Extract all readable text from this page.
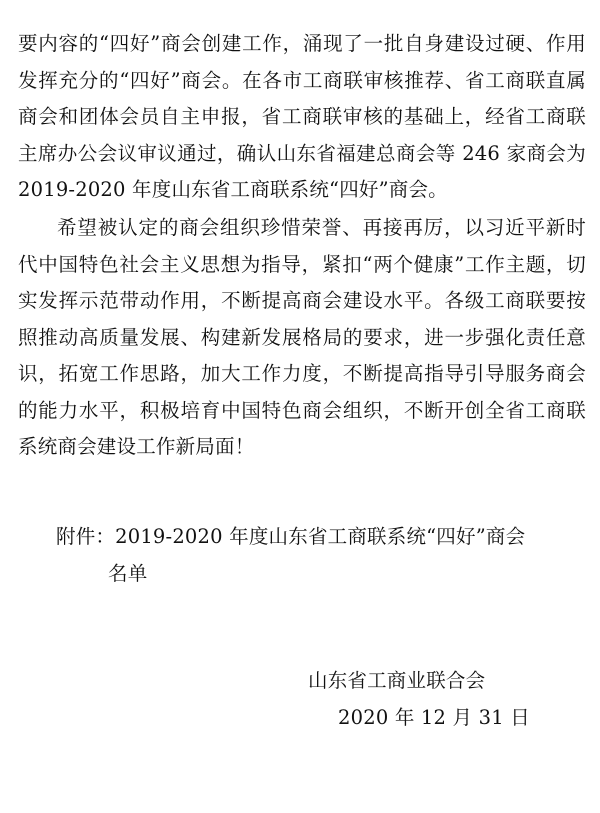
要内容的“四好”商会创建工作，涌现了一批自身建设过硬、作用发挥充分的“四好”商会。在各市工商联审核推荐、省工商联直属商会和团体会员自主申报，省工商联审核的基础上，经省工商联主席办公会议审议通过，确认山东省福建总商会等 246 家商会为 2019-2020 年度山东省工商联系统“四好”商会。

希望被认定的商会组织珍惜荣誉、再接再厉，以习近平新时代中国特色社会主义思想为指导，紧扣“两个健康”工作主题，切实发挥示范带动作用，不断提高商会建设水平。各级工商联要按照推动高质量发展、构建新发展格局的要求，进一步强化责任意识，拓宽工作思路，加大工作力度，不断提高指导引导服务商会的能力水平，积极培育中国特色商会组织，不断开创全省工商联系统商会建设工作新局面！

附件：2019-2020 年度山东省工商联系统“四好”商会
名单

山东省工商业联合会

2020 年 12 月 31 日
